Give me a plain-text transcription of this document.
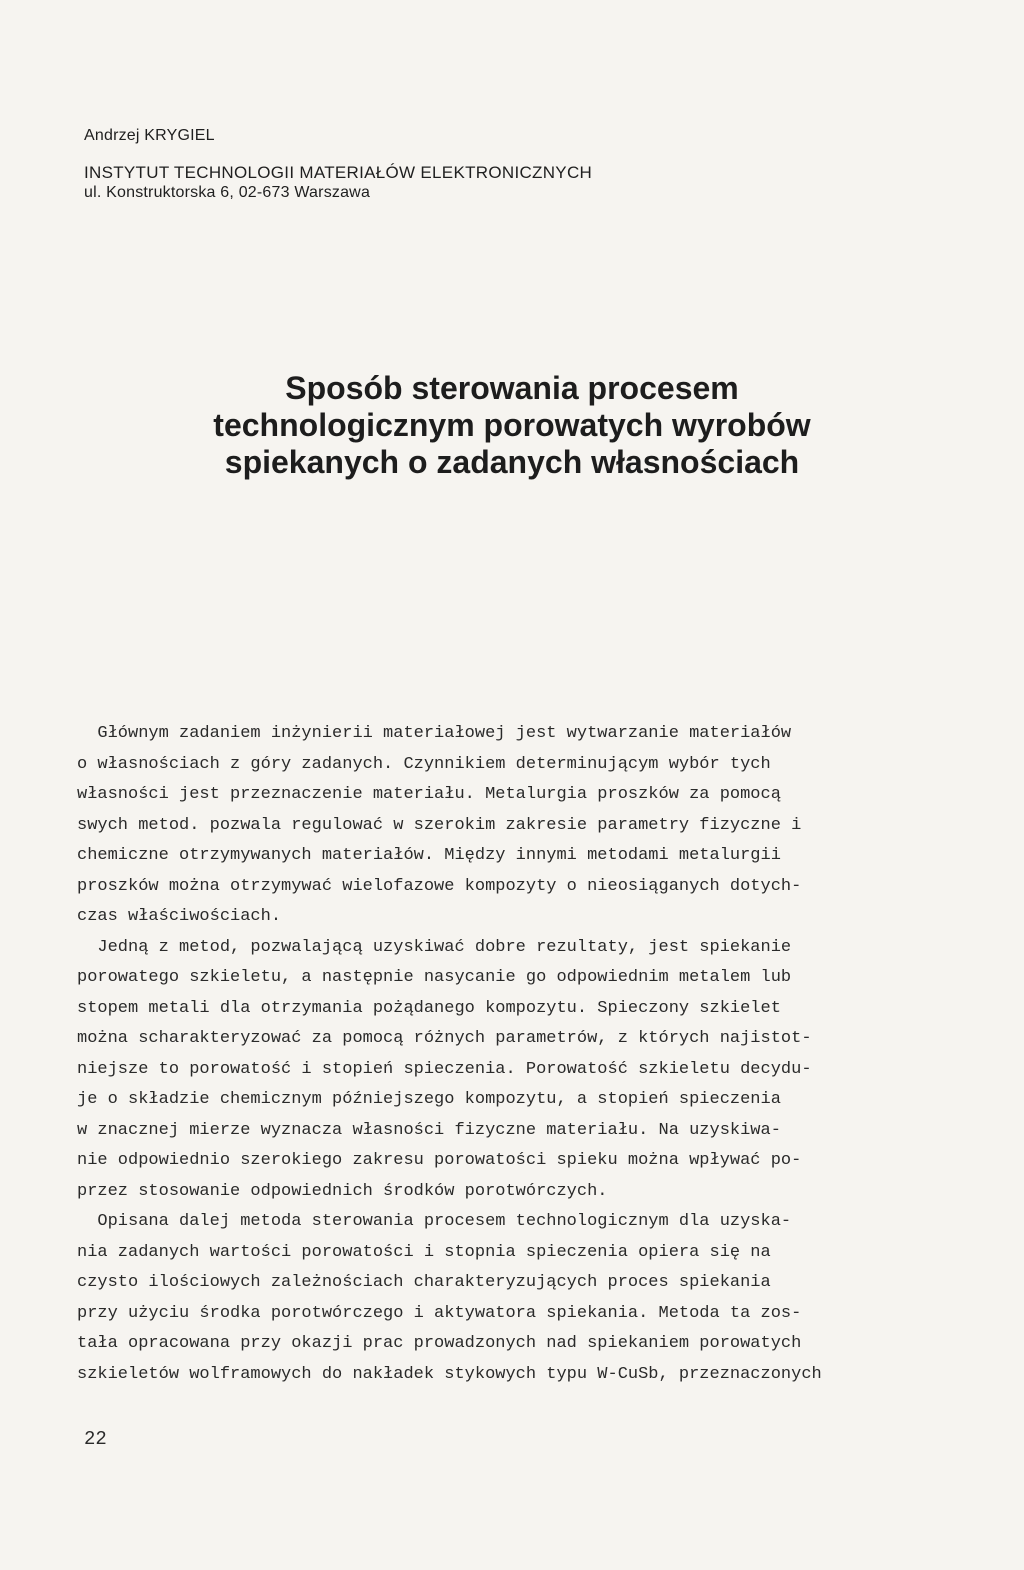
Andrzej KRYGIEL
INSTYTUT TECHNOLOGII MATERIAŁÓW ELEKTRONICZNYCH
ul. Konstruktorska 6, 02-673 Warszawa
Sposób sterowania procesem
technologicznym porowatych wyrobów
spiekanych o zadanych własnościach
Głównym zadaniem inżynierii materiałowej jest wytwarzanie materiałów
o własnościach z góry zadanych. Czynnikiem determinującym wybór tych
własności jest przeznaczenie materiału. Metalurgia proszków za pomocą
swych metod. pozwala regulować w szerokim zakresie parametry fizyczne i
chemiczne otrzymywanych materiałów. Między innymi metodami metalurgii
proszków można otrzymywać wielofazowe kompozyty o nieosiąganych dotych-
czas właściwościach.
Jedną z metod, pozwalającą uzyskiwać dobre rezultaty, jest spiekanie
porowatego szkieletu, a następnie nasycanie go odpowiednim metalem lub
stopem metali dla otrzymania pożądanego kompozytu. Spieczony szkielet
można scharakteryzować za pomocą różnych parametrów, z których najistot-
niejsze to porowatość i stopień spieczenia. Porowatość szkieletu decydu-
je o składzie chemicznym późniejszego kompozytu, a stopień spieczenia
w znacznej mierze wyznacza własności fizyczne materiału. Na uzyskiwa-
nie odpowiednio szerokiego zakresu porowatości spieku można wpływać po-
przez stosowanie odpowiednich środków porotwórczych.
Opisana dalej metoda sterowania procesem technologicznym dla uzyska-
nia zadanych wartości porowatości i stopnia spieczenia opiera się na
czysto ilościowych zależnościach charakteryzujących proces spiekania
przy użyciu środka porotwórczego i aktywatora spiekania. Metoda ta zos-
tała opracowana przy okazji prac prowadzonych nad spiekaniem porowatych
szkieletów wolframowych do nakładek stykowych typu W-CuSb, przeznaczonych
22
